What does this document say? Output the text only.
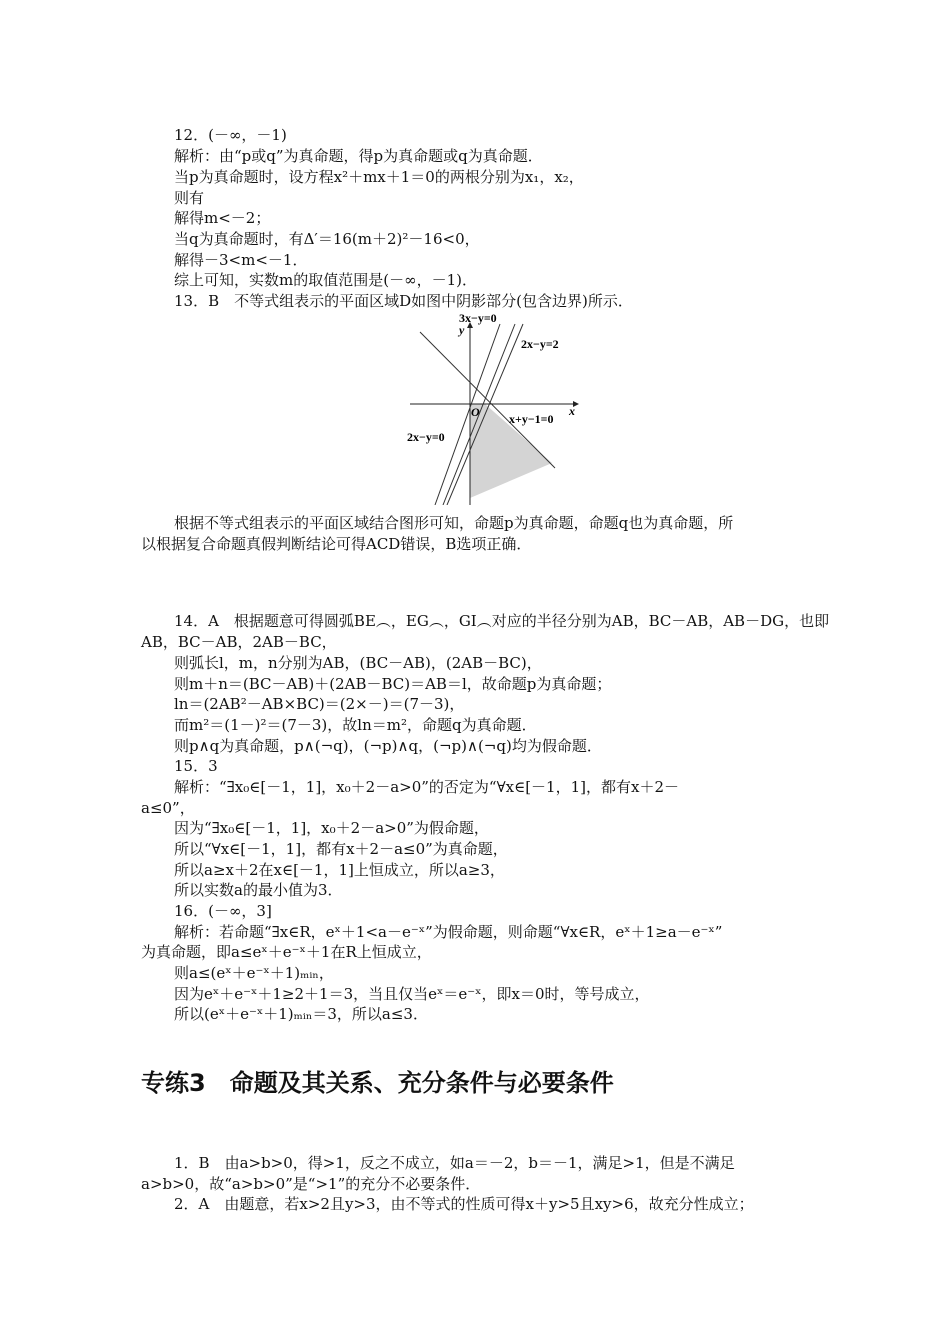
12．(－∞，－1)
解析：由“p或q”为真命题，得p为真命题或q为真命题．
当p为真命题时，设方程x²＋mx＋1＝0的两根分别为x₁，x₂，
则有
解得m<－2；
当q为真命题时，有Δ′＝16(m＋2)²－16<0，
解得－3<m<－1．
综上可知，实数m的取值范围是(－∞，－1)．
13．B　不等式组表示的平面区域D如图中阴影部分(包含边界)所示．
3x−y=0
2x−y=2
x+y−1=0
2x−y=0
O	x
y
根据不等式组表示的平面区域结合图形可知，命题p为真命题，命题q也为真命题，所
以根据复合命题真假判断结论可得ACD错误，B选项正确．
14．A　根据题意可得圆弧BE︵，EG︵，GI︵对应的半径分别为AB，BC－AB，AB－DG，也即
AB，BC－AB，2AB－BC，
则弧长l，m，n分别为AB，(BC－AB)，(2AB－BC)，
则m＋n＝(BC－AB)＋(2AB－BC)＝AB＝l，故命题p为真命题；
ln＝(2AB²－AB×BC)＝(2×－)＝(7－3)，
而m²＝(1－)²＝(7－3)，故ln＝m²，命题q为真命题．
则p∧q为真命题，p∧(¬q)，(¬p)∧q，(¬p)∧(¬q)均为假命题．
15．3
解析：“∃x₀∈[－1，1]，x₀＋2－a>0”的否定为“∀x∈[－1，1]，都有x＋2－
a≤0”，
因为“∃x₀∈[－1，1]，x₀＋2－a>0”为假命题，
所以“∀x∈[－1，1]，都有x＋2－a≤0”为真命题，
所以a≥x＋2在x∈[－1，1]上恒成立，所以a≥3，
所以实数a的最小值为3．
16．(－∞，3]
解析：若命题“∃x∈R，eˣ＋1<a－e⁻ˣ”为假命题，则命题“∀x∈R，eˣ＋1≥a－e⁻ˣ”
为真命题，即a≤eˣ＋e⁻ˣ＋1在R上恒成立，
则a≤(eˣ＋e⁻ˣ＋1)ₘᵢₙ，
因为eˣ＋e⁻ˣ＋1≥2＋1＝3，当且仅当eˣ＝e⁻ˣ，即x＝0时，等号成立，
所以(eˣ＋e⁻ˣ＋1)ₘᵢₙ＝3，所以a≤3．
专练3　命题及其关系、充分条件与必要条件
1．B　由a>b>0，得>1，反之不成立，如a＝－2，b＝－1，满足>1，但是不满足
a>b>0，故“a>b>0”是“>1”的充分不必要条件．
2．A　由题意，若x>2且y>3，由不等式的性质可得x＋y>5且xy>6，故充分性成立；
